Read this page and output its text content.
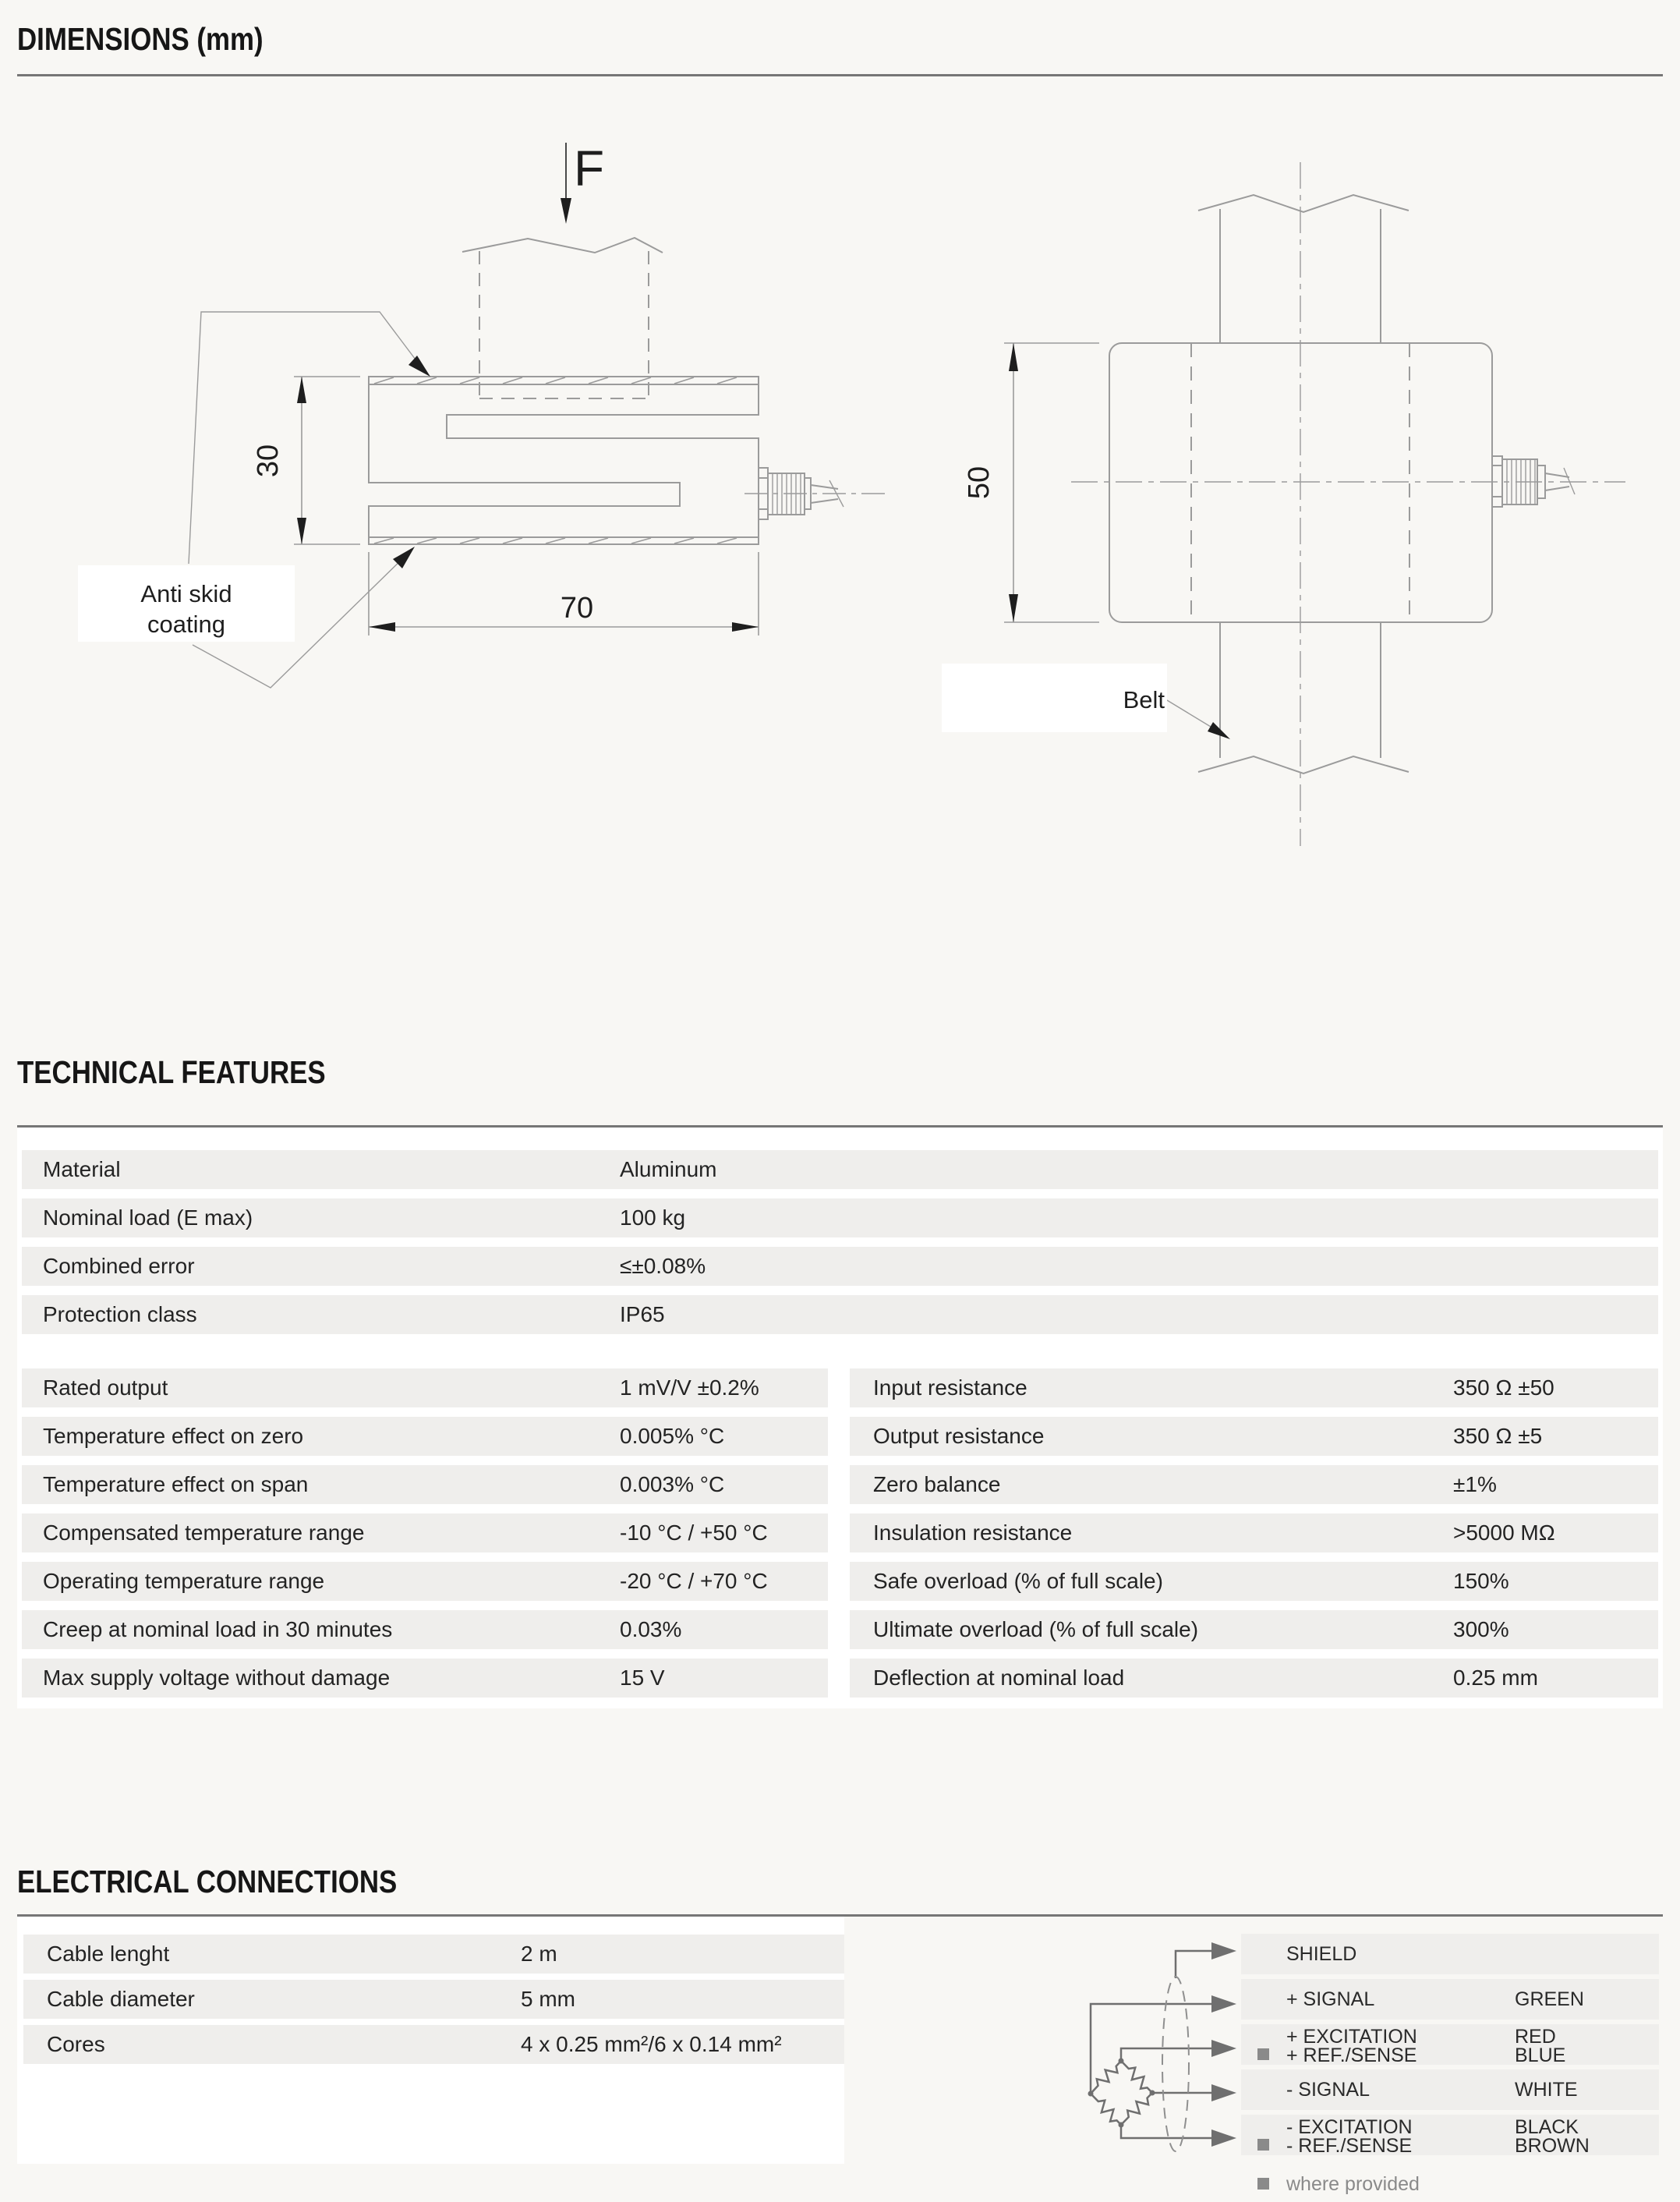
DIMENSIONS (mm)
TECHNICAL FEATURES
ELECTRICAL CONNECTIONS
Anti skid
coating
F
30
70
Belt
50
Material	Aluminum
Nominal load (E max)	100 kg
Combined error	≤±0.08%
Protection class	IP65
Rated output	1 mV/V ±0.2%
Temperature effect on zero	0.005% °C
Temperature effect on span	0.003% °C
Compensated temperature range	-10 °C / +50 °C
Operating temperature range	-20 °C / +70 °C
Creep at nominal load in 30 minutes	0.03%
Max supply voltage without damage	15 V
Input resistance	350 Ω ±50
Output resistance	350 Ω ±5
Zero balance	±1%
Insulation resistance	>5000 MΩ
Safe overload (% of full scale)	150%
Ultimate overload (% of full scale)	300%
Deflection at nominal load	0.25 mm
Cable lenght	2 m
Cable diameter	5 mm
Cores	4 x 0.25 mm²/6 x 0.14 mm²
SHIELD
+ SIGNAL	GREEN
+ EXCITATION	RED
+ REF./SENSE	BLUE
- SIGNAL	WHITE
- EXCITATION	BLACK
- REF./SENSE	BROWN
where provided
